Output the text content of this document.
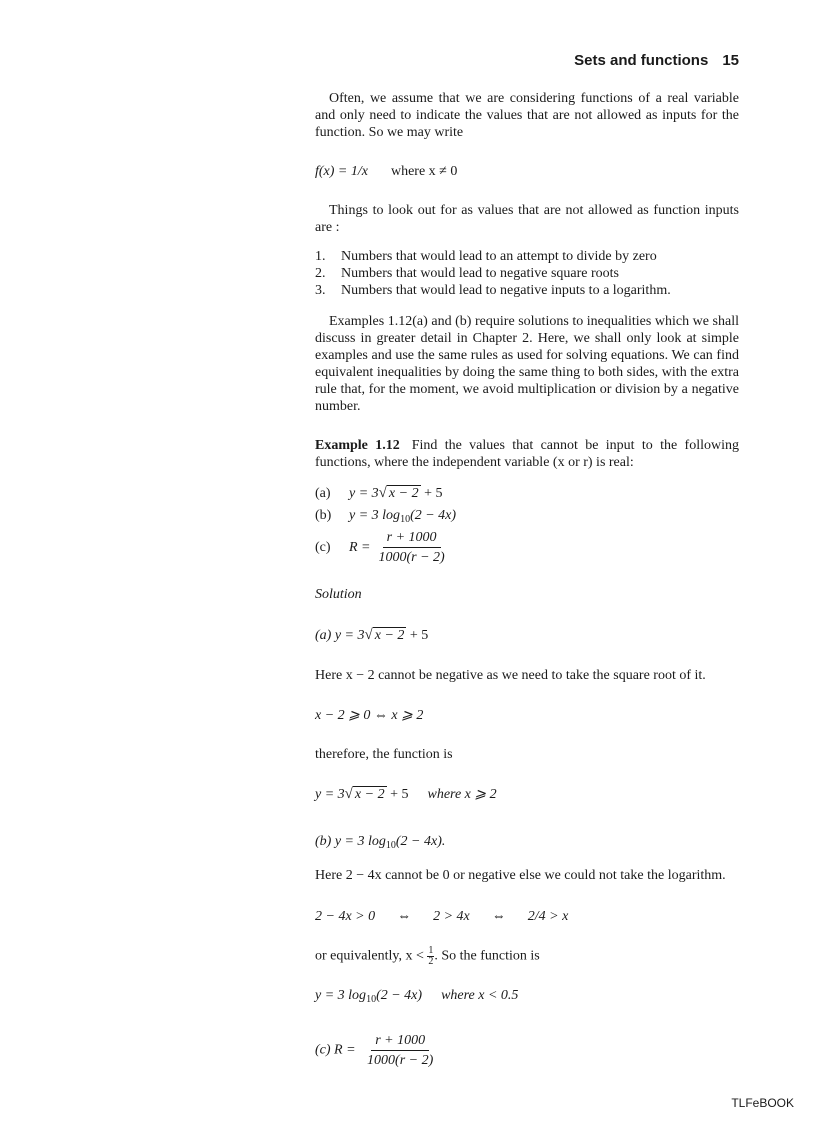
Sets and functions 15

Often, we assume that we are considering functions of a real variable and only need to indicate the values that are not allowed as inputs for the function. So we may write

f(x) = 1/x where x ≠ 0

Things to look out for as values that are not allowed as function inputs are :

1.	Numbers that would lead to an attempt to divide by zero
2.	Numbers that would lead to negative square roots
3.	Numbers that would lead to negative inputs to a logarithm.

Examples 1.12(a) and (b) require solutions to inequalities which we shall discuss in greater detail in Chapter 2. Here, we shall only look at simple examples and use the same rules as used for solving equations. We can find equivalent inequalities by doing the same thing to both sides, with the extra rule that, for the moment, we avoid multiplication or division by a negative number.

Example 1.12 Find the values that cannot be input to the following functions, where the independent variable (x or r) is real:

(a)	y = 3√ x − 2 + 5
(b)	y = 3 $\log_{10}(2 - 4x)$
(c)	$R = \frac{r + 1000}{1000(r - 2)}$
Solution
(a) y = 3√ x − 2 + 5

Here x − 2 cannot be negative as we need to take the square root of it.

x − 2 ⩾ 0 ⇔ x ⩾ 2

therefore, the function is

y = 3√ x − 2 + 5 where x ⩾ 2
(b) y = 3 $\log_{10}(2 - 4x)$.

Here 2 − 4x cannot be 0 or negative else we could not take the logarithm.

2 − 4x > 0 ⇔ 2 > 4x ⇔ 2/4 > x
or equivalently, $x < \frac{1}{2}$ . So the function is
y = 3 $\log_{10}(2 - 4x)$ where x < 0.5
(c) $R = \frac{r + 1000}{1000(r - 2)}$
TLFeBOOK
